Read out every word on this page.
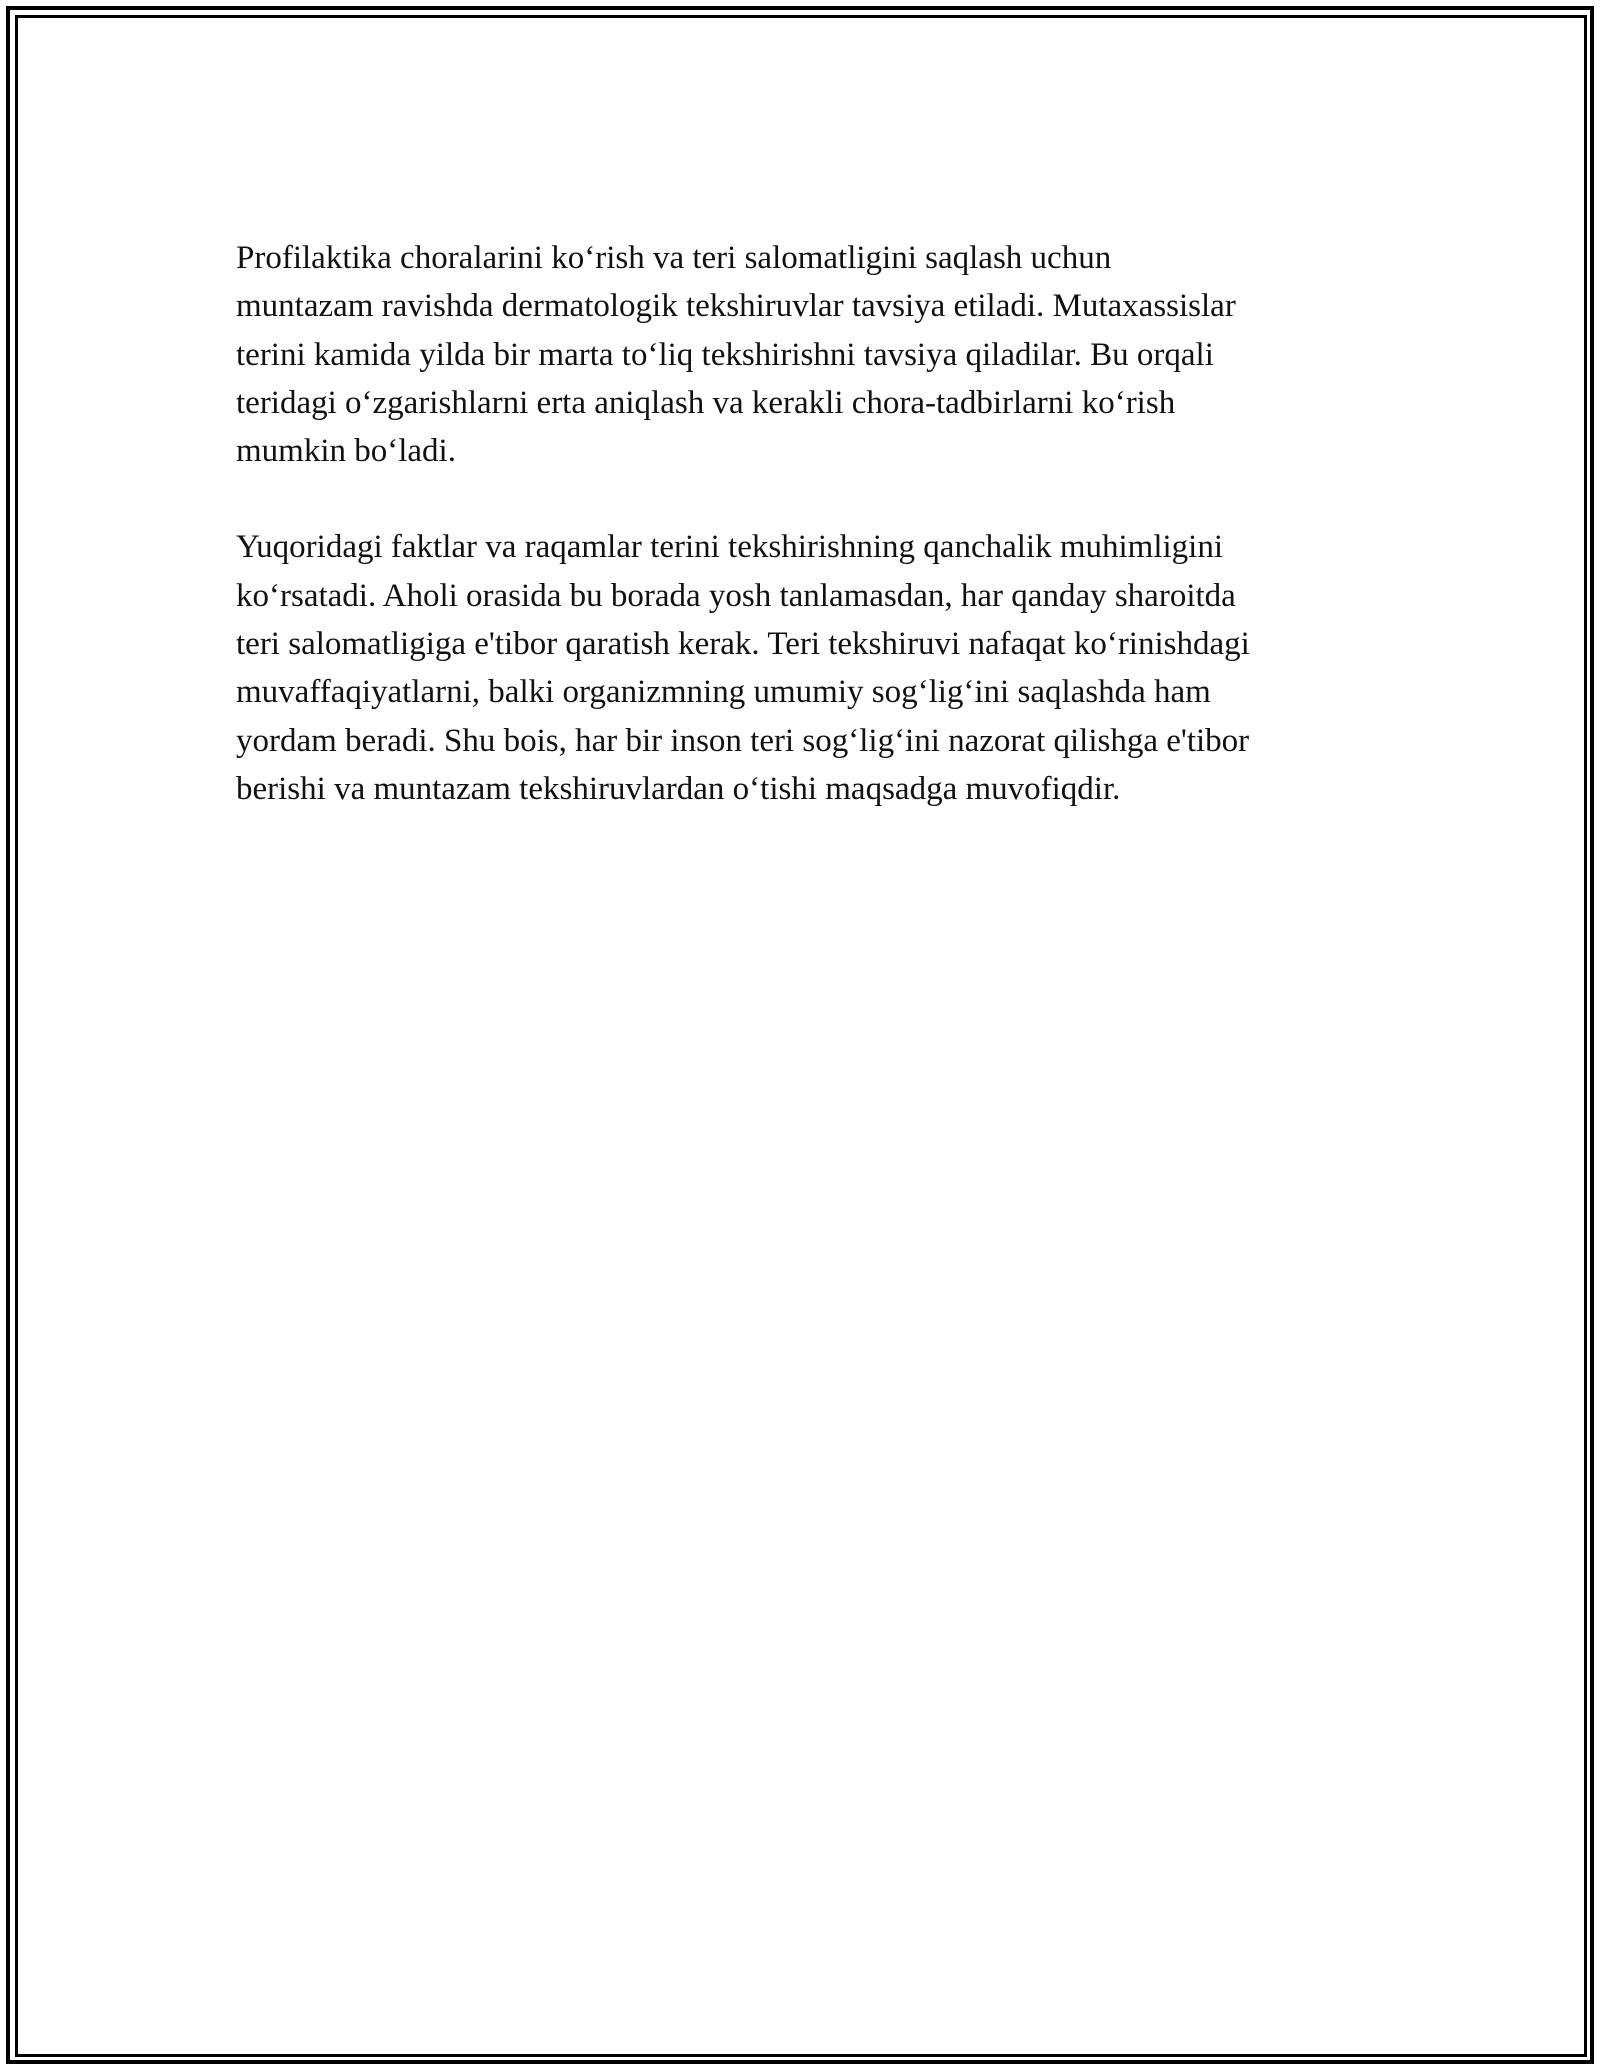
Profilaktika choralarini ko‘rish va teri salomatligini saqlash uchun
muntazam ravishda dermatologik tekshiruvlar tavsiya etiladi. Mutaxassislar
terini kamida yilda bir marta to‘liq tekshirishni tavsiya qiladilar. Bu orqali
teridagi o‘zgarishlarni erta aniqlash va kerakli chora-tadbirlarni ko‘rish
mumkin bo‘ladi.

Yuqoridagi faktlar va raqamlar terini tekshirishning qanchalik muhimligini
ko‘rsatadi. Aholi orasida bu borada yosh tanlamasdan, har qanday sharoitda
teri salomatligiga e'tibor qaratish kerak. Teri tekshiruvi nafaqat ko‘rinishdagi
muvaffaqiyatlarni, balki organizmning umumiy sog‘lig‘ini saqlashda ham
yordam beradi. Shu bois, har bir inson teri sog‘lig‘ini nazorat qilishga e'tibor
berishi va muntazam tekshiruvlardan o‘tishi maqsadga muvofiqdir.
